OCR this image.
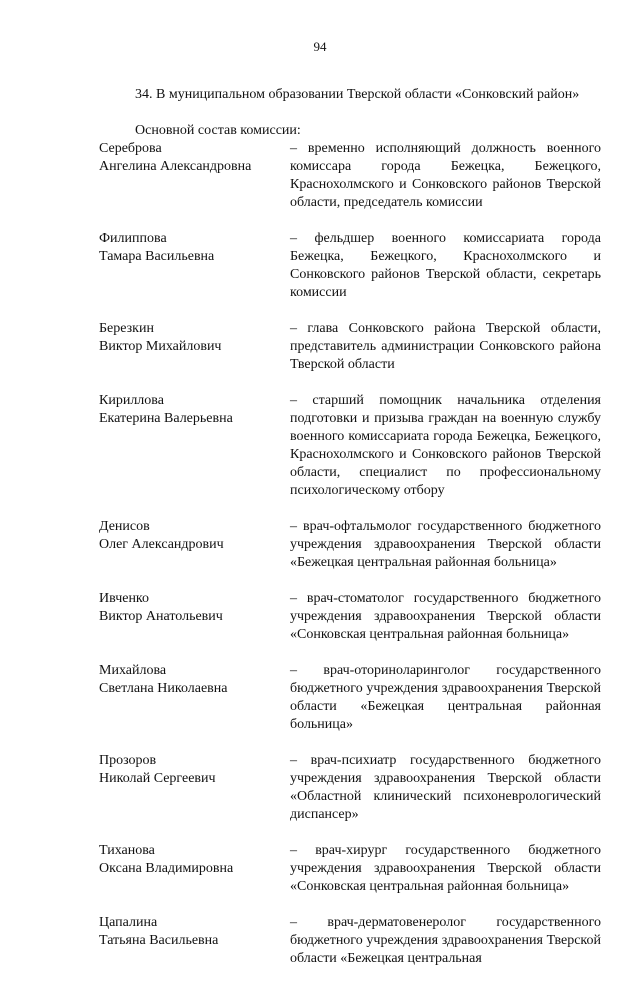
94
34. В муниципальном образовании Тверской области «Сонковский район»
Основной состав комиссии:
Сереброва
Ангелина Александровна
– временно исполняющий должность военного комиссара города Бежецка, Бежецкого, Краснохолмского и Сонковского районов Тверской области, председатель комиссии
Филиппова
Тамара Васильевна
– фельдшер военного комиссариата города Бежецка, Бежецкого, Краснохолмского и Сонковского районов Тверской области, секретарь комиссии
Березкин
Виктор Михайлович
– глава Сонковского района Тверской области, представитель администрации Сонковского района Тверской области
Кириллова
Екатерина Валерьевна
– старший помощник начальника отделения подготовки и призыва граждан на военную службу военного комиссариата города Бежецка, Бежецкого, Краснохолмского и Сонковского районов Тверской области, специалист по профессиональному психологическому отбору
Денисов
Олег Александрович
– врач-офтальмолог государственного бюджетного учреждения здравоохранения Тверской области «Бежецкая центральная районная больница»
Ивченко
Виктор Анатольевич
– врач-стоматолог государственного бюджетного учреждения здравоохранения Тверской области «Сонковская центральная районная больница»
Михайлова
Светлана Николаевна
– врач-оториноларинголог государственного бюджетного учреждения здравоохранения Тверской области «Бежецкая центральная районная больница»
Прозоров
Николай Сергеевич
– врач-психиатр государственного бюджетного учреждения здравоохранения Тверской области «Областной клинический психоневрологический диспансер»
Тиханова
Оксана Владимировна
– врач-хирург государственного бюджетного учреждения здравоохранения Тверской области «Сонковская центральная районная больница»
Цапалина
Татьяна Васильевна
– врач-дерматовенеролог государственного бюджетного учреждения здравоохранения Тверской области «Бежецкая центральная
